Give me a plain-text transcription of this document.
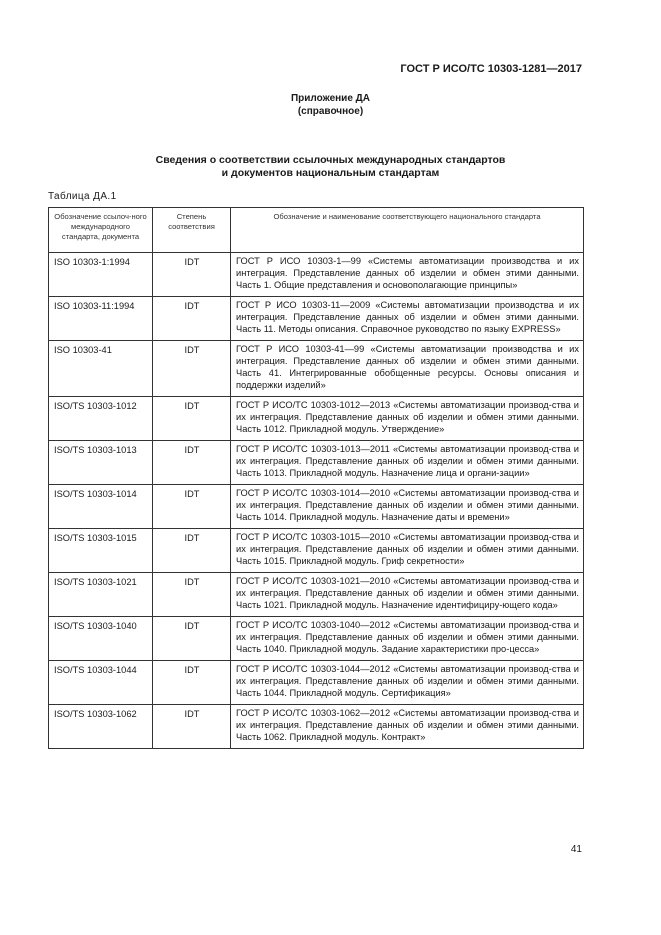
ГОСТ Р ИСО/ТС 10303-1281—2017
Приложение ДА
(справочное)
Сведения о соответствии ссылочных международных стандартов
и документов национальным стандартам
Таблица ДА.1
Обозначение ссылоч-ного международного стандарта, документа	Степень соответствия	Обозначение и наименование соответствующего национального стандарта
ISO 10303-1:1994	IDT	ГОСТ Р ИСО 10303-1—99 «Системы автоматизации производства и их интеграция. Представление данных об изделии и обмен этими данными. Часть 1. Общие представления и основополагающие принципы»
ISO 10303-11:1994	IDT	ГОСТ Р ИСО 10303-11—2009 «Системы автоматизации производства и их интеграция. Представление данных об изделии и обмен этими данными. Часть 11. Методы описания. Справочное руководство по языку EXPRESS»
ISO 10303-41	IDT	ГОСТ Р ИСО 10303-41—99 «Системы автоматизации производства и их интеграция. Представление данных об изделии и обмен этими данными. Часть 41. Интегрированные обобщенные ресурсы. Основы описания и поддержки изделий»
ISO/TS 10303-1012	IDT	ГОСТ Р ИСО/ТС 10303-1012—2013 «Системы автоматизации производ-ства и их интеграция. Представление данных об изделии и обмен этими данными. Часть 1012. Прикладной модуль. Утверждение»
ISO/TS 10303-1013	IDT	ГОСТ Р ИСО/ТС 10303-1013—2011 «Системы автоматизации производ-ства и их интеграция. Представление данных об изделии и обмен этими данными. Часть 1013. Прикладной модуль. Назначение лица и органи-зации»
ISO/TS 10303-1014	IDT	ГОСТ Р ИСО/ТС 10303-1014—2010 «Системы автоматизации производ-ства и их интеграция. Представление данных об изделии и обмен этими данными. Часть 1014. Прикладной модуль. Назначение даты и времени»
ISO/TS 10303-1015	IDT	ГОСТ Р ИСО/ТС 10303-1015—2010 «Системы автоматизации производ-ства и их интеграция. Представление данных об изделии и обмен этими данными. Часть 1015. Прикладной модуль. Гриф секретности»
ISO/TS 10303-1021	IDT	ГОСТ Р ИСО/ТС 10303-1021—2010 «Системы автоматизации производ-ства и их интеграция. Представление данных об изделии и обмен этими данными. Часть 1021. Прикладной модуль. Назначение идентифициру-ющего кода»
ISO/TS 10303-1040	IDT	ГОСТ Р ИСО/ТС 10303-1040—2012 «Системы автоматизации производ-ства и их интеграция. Представление данных об изделии и обмен этими данными. Часть 1040. Прикладной модуль. Задание характеристики про-цесса»
ISO/TS 10303-1044	IDT	ГОСТ Р ИСО/ТС 10303-1044—2012 «Системы автоматизации производ-ства и их интеграция. Представление данных об изделии и обмен этими данными. Часть 1044. Прикладной модуль. Сертификация»
ISO/TS 10303-1062	IDT	ГОСТ Р ИСО/ТС 10303-1062—2012 «Системы автоматизации производ-ства и их интеграция. Представление данных об изделии и обмен этими данными. Часть 1062. Прикладной модуль. Контракт»
41
